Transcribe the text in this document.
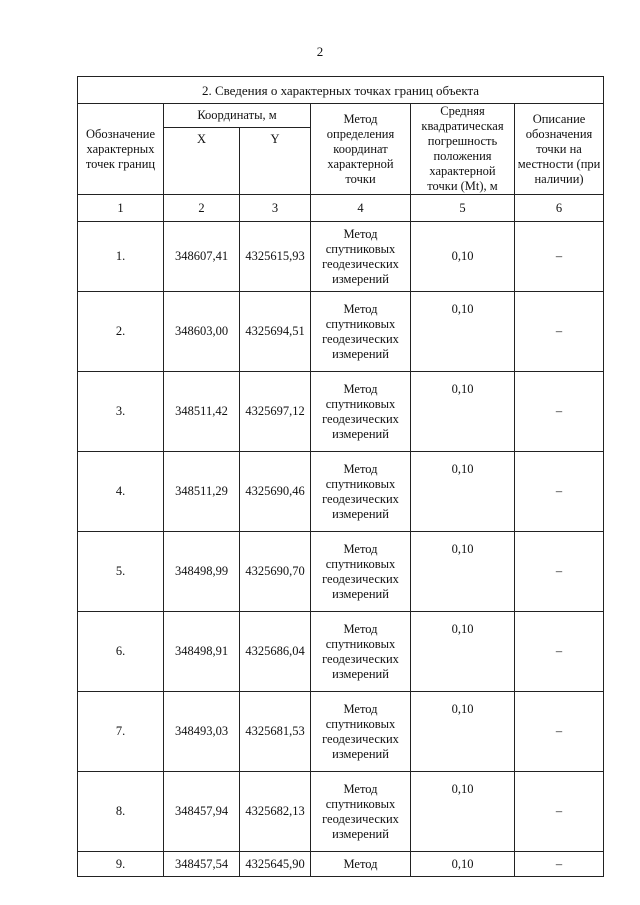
2
2. Сведения о характерных точках границ объекта					
Обозначение характерных точек границ	Координаты, м		Метод определения координат характерной точки	Средняя квадратическая погрешность положения характерной точки (Mt), м	Описание обозначения точки на местности (при наличии)
	X	Y			
1	2	3	4	5	6
1.	348607,41	4325615,93	Метод спутниковых геодезических измерений	0,10	–
2.	348603,00	4325694,51	Метод спутниковых геодезических измерений	0,10	–
3.	348511,42	4325697,12	Метод спутниковых геодезических измерений	0,10	–
4.	348511,29	4325690,46	Метод спутниковых геодезических измерений	0,10	–
5.	348498,99	4325690,70	Метод спутниковых геодезических измерений	0,10	–
6.	348498,91	4325686,04	Метод спутниковых геодезических измерений	0,10	–
7.	348493,03	4325681,53	Метод спутниковых геодезических измерений	0,10	–
8.	348457,94	4325682,13	Метод спутниковых геодезических измерений	0,10	–
9.	348457,54	4325645,90	Метод	0,10	–
